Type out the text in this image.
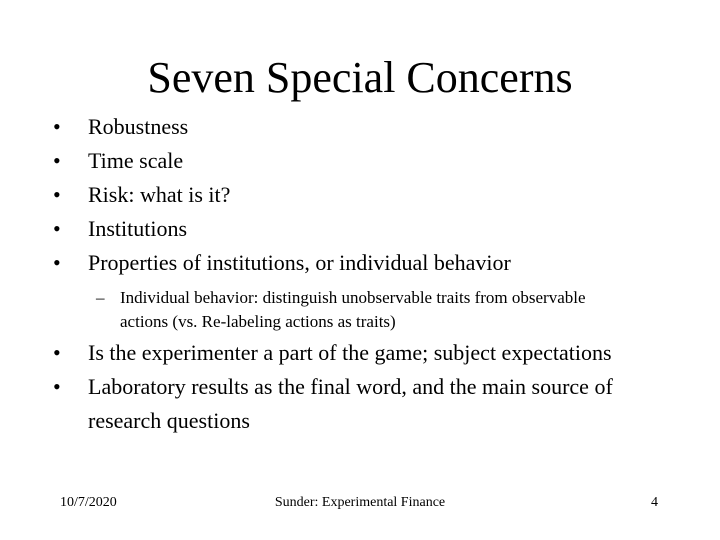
Seven Special Concerns
• Robustness
• Time scale
• Risk: what is it?
• Institutions
• Properties of institutions, or individual behavior
– Individual behavior: distinguish unobservable traits from observable actions (vs. Re-labeling actions as traits)
• Is the experimenter a part of the game; subject expectations
• Laboratory results as the final word, and the main source of research questions
10/7/2020	Sunder: Experimental Finance	4
